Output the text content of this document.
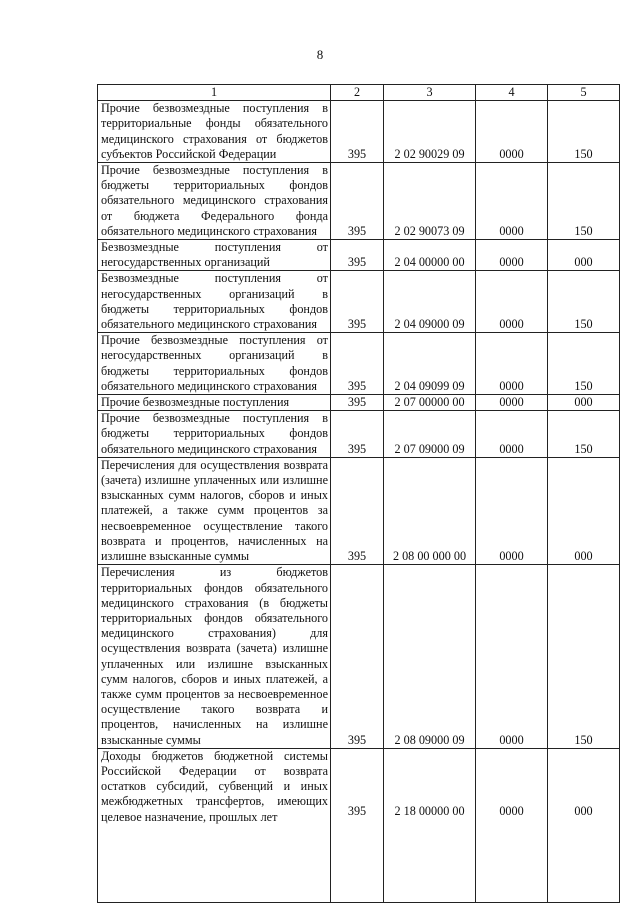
8
1	2	3	4	5
Прочие безвозмездные поступления в территориальные фонды обязательного медицинского страхования от бюджетов субъектов Российской Федерации	395	2 02 90029 09	0000	150
Прочие безвозмездные поступления в бюджеты территориальных фондов обязательного медицинского страхования от бюджета Федерального фонда обязательного медицинского страхования	395	2 02 90073 09	0000	150
Безвозмездные поступления от негосударственных организаций	395	2 04 00000 00	0000	000
Безвозмездные поступления от негосударственных организаций в бюджеты территориальных фондов обязательного медицинского страхования	395	2 04 09000 09	0000	150
Прочие безвозмездные поступления от негосударственных организаций в бюджеты территориальных фондов обязательного медицинского страхования	395	2 04 09099 09	0000	150
Прочие безвозмездные поступления	395	2 07 00000 00	0000	000
Прочие безвозмездные поступления в бюджеты территориальных фондов обязательного медицинского страхования	395	2 07 09000 09	0000	150
Перечисления для осуществления возврата (зачета) излишне уплаченных или излишне взысканных сумм налогов, сборов и иных платежей, а также сумм процентов за несвоевременное осуществление такого возврата и процентов, начисленных на излишне взысканные суммы	395	2 08 00 000 00	0000	000
Перечисления из бюджетов территориальных фондов обязательного медицинского страхования (в бюджеты территориальных фондов обязательного медицинского страхования) для осуществления возврата (зачета) излишне уплаченных или излишне взысканных сумм налогов, сборов и иных платежей, а также сумм процентов за несвоевременное осуществление такого возврата и процентов, начисленных на излишне взысканные суммы	395	2 08 09000 09	0000	150
Доходы бюджетов бюджетной системы Российской Федерации от возврата остатков субсидий, субвенций и иных межбюджетных трансфертов, имеющих целевое назначение, прошлых лет	395	2 18 00000 00	0000	000
